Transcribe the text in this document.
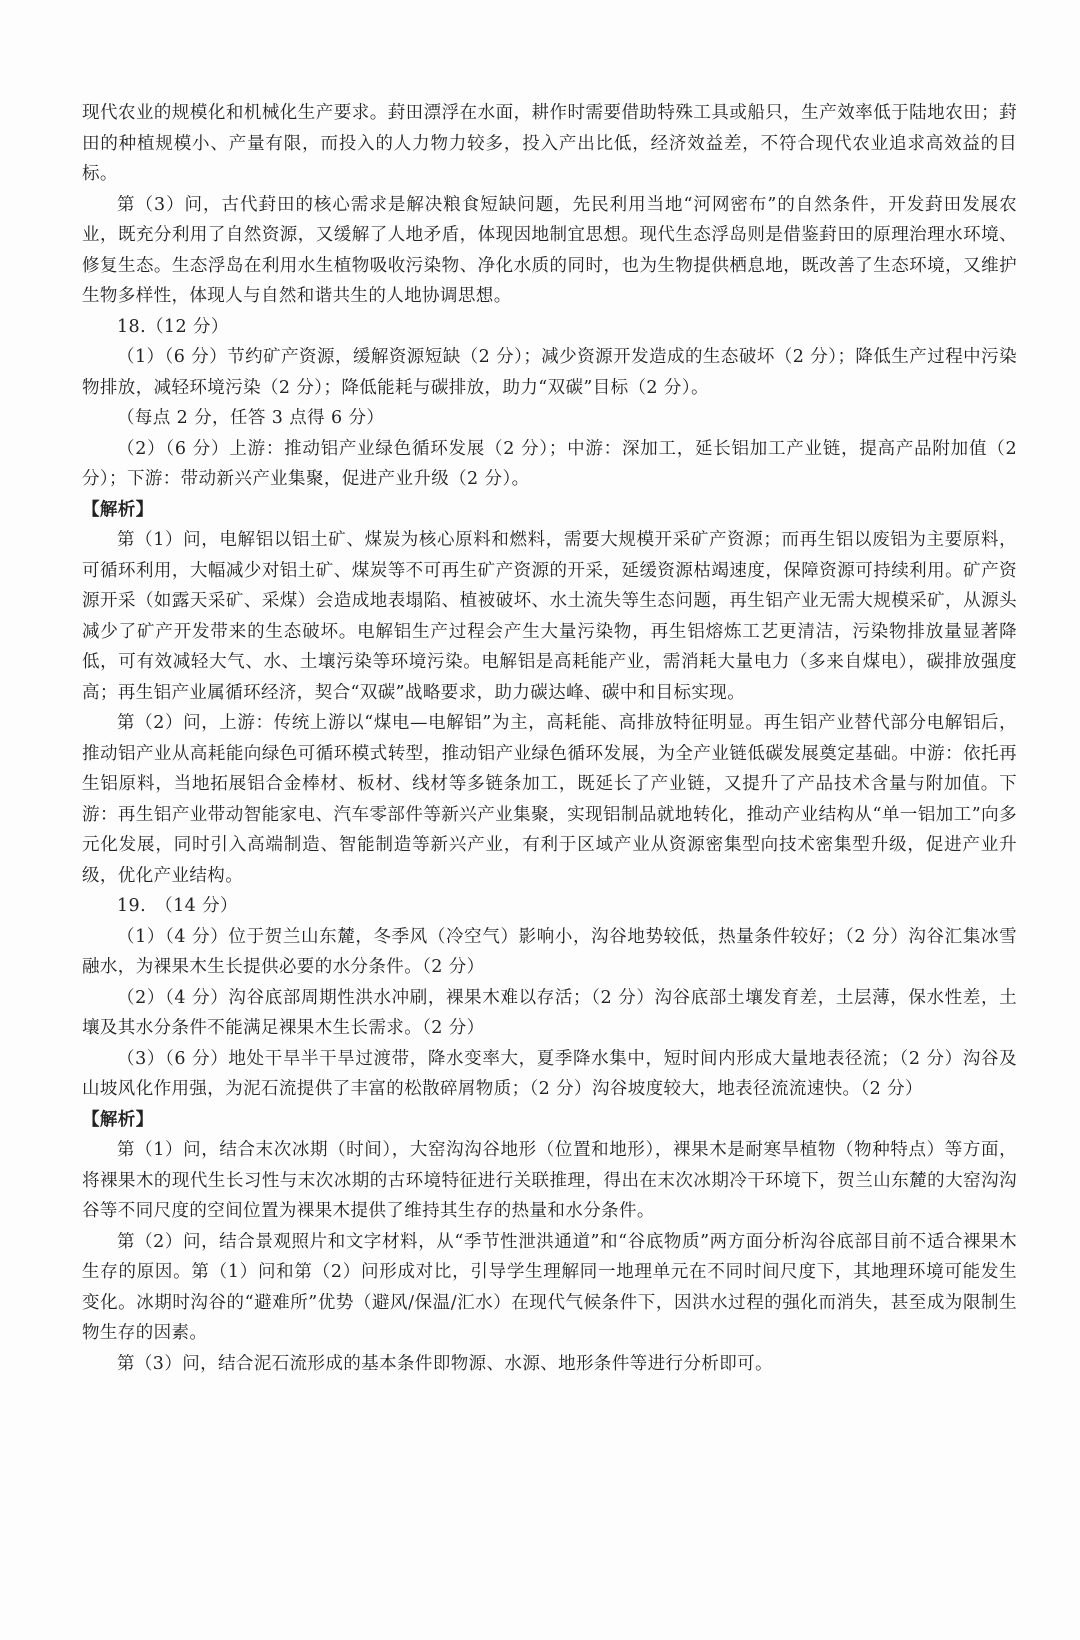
现代农业的规模化和机械化生产要求。葑田漂浮在水面，耕作时需要借助特殊工具或船只，生产效率低于陆地农田；葑田的种植规模小、产量有限，而投入的人力物力较多，投入产出比低，经济效益差，不符合现代农业追求高效益的目标。

第（3）问，古代葑田的核心需求是解决粮食短缺问题，先民利用当地“河网密布”的自然条件，开发葑田发展农业，既充分利用了自然资源，又缓解了人地矛盾，体现因地制宜思想。现代生态浮岛则是借鉴葑田的原理治理水环境、修复生态。生态浮岛在利用水生植物吸收污染物、净化水质的同时，也为生物提供栖息地，既改善了生态环境，又维护生物多样性，体现人与自然和谐共生的人地协调思想。

18.（12 分）

（1）（6 分）节约矿产资源，缓解资源短缺（2 分）；减少资源开发造成的生态破坏（2 分）；降低生产过程中污染物排放，减轻环境污染（2 分）；降低能耗与碳排放，助力“双碳”目标（2 分）。

（每点 2 分，任答 3 点得 6 分）

（2）（6 分）上游：推动铝产业绿色循环发展（2 分）；中游：深加工，延长铝加工产业链，提高产品附加值（2 分）；下游：带动新兴产业集聚，促进产业升级（2 分）。

【解析】

第（1）问，电解铝以铝土矿、煤炭为核心原料和燃料，需要大规模开采矿产资源；而再生铝以废铝为主要原料，可循环利用，大幅减少对铝土矿、煤炭等不可再生矿产资源的开采，延缓资源枯竭速度，保障资源可持续利用。矿产资源开采（如露天采矿、采煤）会造成地表塌陷、植被破坏、水土流失等生态问题，再生铝产业无需大规模采矿，从源头减少了矿产开发带来的生态破坏。电解铝生产过程会产生大量污染物，再生铝熔炼工艺更清洁，污染物排放量显著降低，可有效减轻大气、水、土壤污染等环境污染。电解铝是高耗能产业，需消耗大量电力（多来自煤电），碳排放强度高；再生铝产业属循环经济，契合“双碳”战略要求，助力碳达峰、碳中和目标实现。

第（2）问，上游：传统上游以“煤电—电解铝”为主，高耗能、高排放特征明显。再生铝产业替代部分电解铝后，推动铝产业从高耗能向绿色可循环模式转型，推动铝产业绿色循环发展，为全产业链低碳发展奠定基础。中游：依托再生铝原料，当地拓展铝合金棒材、板材、线材等多链条加工，既延长了产业链，又提升了产品技术含量与附加值。下游：再生铝产业带动智能家电、汽车零部件等新兴产业集聚，实现铝制品就地转化，推动产业结构从“单一铝加工”向多元化发展，同时引入高端制造、智能制造等新兴产业，有利于区域产业从资源密集型向技术密集型升级，促进产业升级，优化产业结构。

19.　（14 分）

（1）（4 分）位于贺兰山东麓，冬季风（冷空气）影响小，沟谷地势较低，热量条件较好；（2 分）沟谷汇集冰雪融水，为裸果木生长提供必要的水分条件。（2 分）

（2）（4 分）沟谷底部周期性洪水冲刷，裸果木难以存活；（2 分）沟谷底部土壤发育差，土层薄，保水性差，土壤及其水分条件不能满足裸果木生长需求。（2 分）

（3）（6 分）地处干旱半干旱过渡带，降水变率大，夏季降水集中，短时间内形成大量地表径流；（2 分）沟谷及山坡风化作用强，为泥石流提供了丰富的松散碎屑物质；（2 分）沟谷坡度较大，地表径流流速快。（2 分）

【解析】

第（1）问，结合末次冰期（时间），大窑沟沟谷地形（位置和地形），裸果木是耐寒旱植物（物种特点）等方面，将裸果木的现代生长习性与末次冰期的古环境特征进行关联推理，得出在末次冰期冷干环境下，贺兰山东麓的大窑沟沟谷等不同尺度的空间位置为裸果木提供了维持其生存的热量和水分条件。

第（2）问，结合景观照片和文字材料，从“季节性泄洪通道”和“谷底物质”两方面分析沟谷底部目前不适合裸果木生存的原因。第（1）问和第（2）问形成对比，引导学生理解同一地理单元在不同时间尺度下，其地理环境可能发生变化。冰期时沟谷的“避难所”优势（避风/保温/汇水）在现代气候条件下，因洪水过程的强化而消失，甚至成为限制生物生存的因素。

第（3）问，结合泥石流形成的基本条件即物源、水源、地形条件等进行分析即可。
